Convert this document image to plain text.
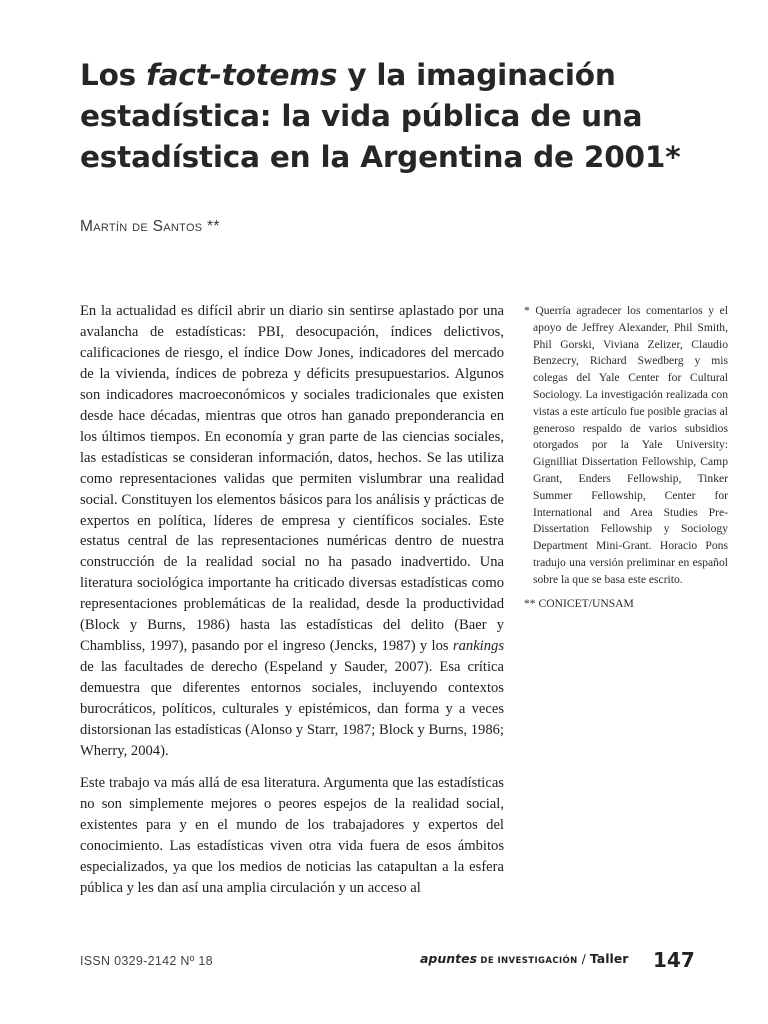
Los fact-totems y la imaginación estadística: la vida pública de una estadística en la Argentina de 2001*
Martín de Santos **

En la actualidad es difícil abrir un diario sin sentirse aplastado por una avalancha de estadísticas: PBI, desocupación, índices delictivos, calificaciones de riesgo, el índice Dow Jones, indicadores del mercado de la vivienda, índices de pobreza y déficits presupuestarios. Algunos son indicadores macroeconómicos y sociales tradicionales que existen desde hace décadas, mientras que otros han ganado preponderancia en los últimos tiempos. En economía y gran parte de las ciencias sociales, las estadísticas se consideran información, datos, hechos. Se las utiliza como representaciones validas que permiten vislumbrar una realidad social. Constituyen los elementos básicos para los análisis y prácticas de expertos en política, líderes de empresa y científicos sociales. Este estatus central de las representaciones numéricas dentro de nuestra construcción de la realidad social no ha pasado inadvertido. Una literatura sociológica importante ha criticado diversas estadísticas como representaciones problemáticas de la realidad, desde la productividad (Block y Burns, 1986) hasta las estadísticas del delito (Baer y Chambliss, 1997), pasando por el ingreso (Jencks, 1987) y los rankings de las facultades de derecho (Espeland y Sauder, 2007). Esa crítica demuestra que diferentes entornos sociales, incluyendo contextos burocráticos, políticos, culturales y epistémicos, dan forma y a veces distorsionan las estadísticas (Alonso y Starr, 1987; Block y Burns, 1986; Wherry, 2004).

Este trabajo va más allá de esa literatura. Argumenta que las estadísticas no son simplemente mejores o peores espejos de la realidad social, existentes para y en el mundo de los trabajadores y expertos del conocimiento. Las estadísticas viven otra vida fuera de esos ámbitos especializados, ya que los medios de noticias las catapultan a la esfera pública y les dan así una amplia circulación y un acceso al

* Querría agradecer los comentarios y el apoyo de Jeffrey Alexander, Phil Smith, Phil Gorski, Viviana Zelizer, Claudio Benzecry, Richard Swedberg y mis colegas del Yale Center for Cultural Sociology. La investigación realizada con vistas a este artículo fue posible gracias al generoso respaldo de varios subsidios otorgados por la Yale University: Gignilliat Dissertation Fellowship, Camp Grant, Enders Fellowship, Tinker Summer Fellowship, Center for International and Area Studies Pre-Dissertation Fellowship y Sociology Department Mini-Grant. Horacio Pons tradujo una versión preliminar en español sobre la que se basa este escrito.

** CONICET/UNSAM

ISSN 0329-2142 Nº 18	apuntes DE INVESTIGACIÓN / Taller 147
